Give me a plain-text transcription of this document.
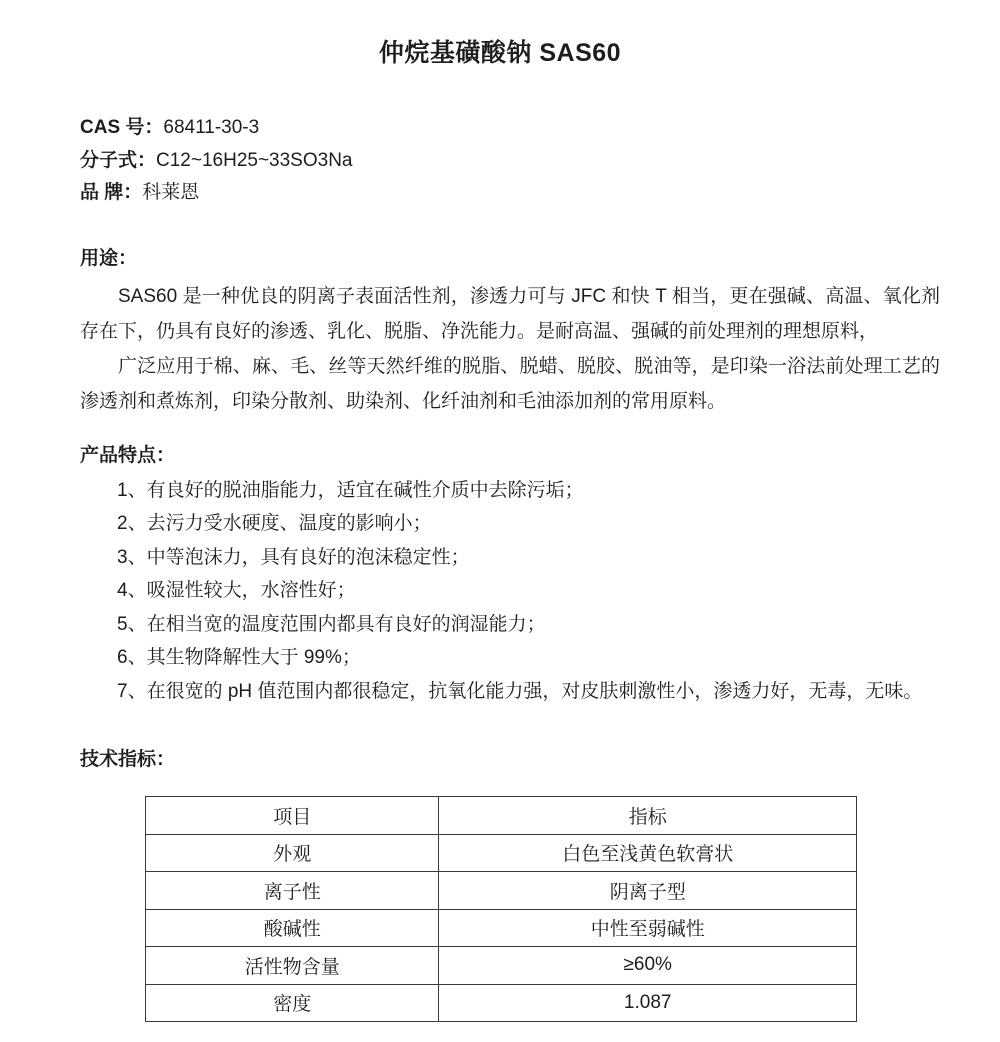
仲烷基磺酸钠 SAS60
CAS 号：68411-30-3
分子式：C12~16H25~33SO3Na
品 牌：科莱恩
用途：

SAS60 是一种优良的阴离子表面活性剂，渗透力可与 JFC 和快 T 相当，更在强碱、高温、氧化剂存在下，仍具有良好的渗透、乳化、脱脂、净洗能力。是耐高温、强碱的前处理剂的理想原料，

广泛应用于棉、麻、毛、丝等天然纤维的脱脂、脱蜡、脱胶、脱油等，是印染一浴法前处理工艺的渗透剂和煮炼剂，印染分散剂、助染剂、化纤油剂和毛油添加剂的常用原料。

产品特点：
1、有良好的脱油脂能力，适宜在碱性介质中去除污垢；
2、去污力受水硬度、温度的影响小；
3、中等泡沫力，具有良好的泡沫稳定性；
4、吸湿性较大，水溶性好；
5、在相当宽的温度范围内都具有良好的润湿能力；
6、其生物降解性大于 99%；
7、在很宽的 pH 值范围内都很稳定，抗氧化能力强，对皮肤刺激性小，渗透力好，无毒，无味。
技术指标：
项目	指标
外观	白色至浅黄色软膏状
离子性	阴离子型
酸碱性	中性至弱碱性
活性物含量	≥60%
密度	1.087
